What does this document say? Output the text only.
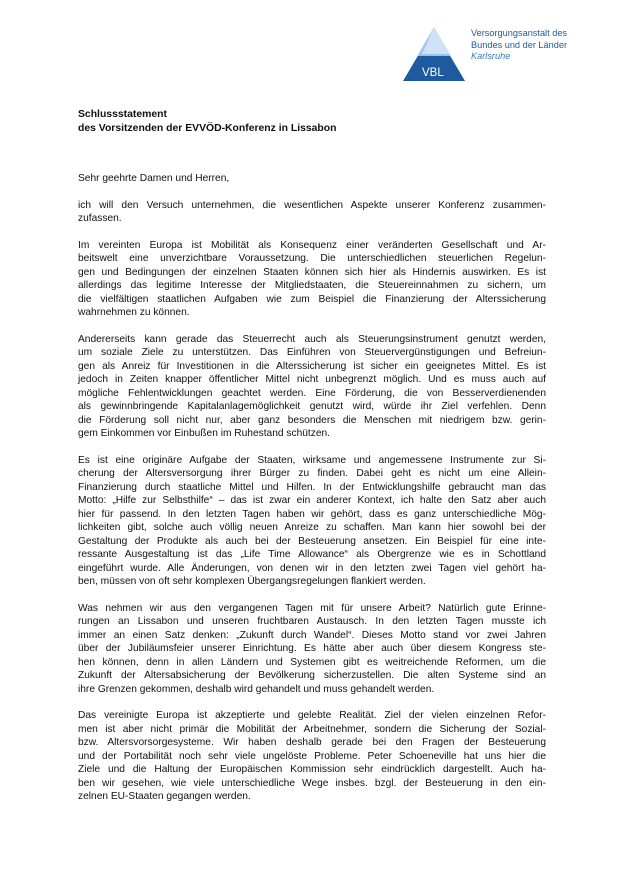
VBL
Versorgungsanstalt des
Bundes und der Länder
Karlsruhe
Schlussstatement
des Vorsitzenden der EVVÖD-Konferenz in Lissabon

Sehr geehrte Damen und Herren,

ich will den Versuch unternehmen, die wesentlichen Aspekte unserer Konferenz zusammen-
zufassen.

Im vereinten Europa ist Mobilität als Konsequenz einer veränderten Gesellschaft und Ar-
beitswelt eine unverzichtbare Voraussetzung. Die unterschiedlichen steuerlichen Regelun-
gen und Bedingungen der einzelnen Staaten können sich hier als Hindernis auswirken. Es ist
allerdings das legitime Interesse der Mitgliedstaaten, die Steuereinnahmen zu sichern, um
die vielfältigen staatlichen Aufgaben wie zum Beispiel die Finanzierung der Alterssicherung
wahrnehmen zu können.

Andererseits kann gerade das Steuerrecht auch als Steuerungsinstrument genutzt werden,
um soziale Ziele zu unterstützen. Das Einführen von Steuervergünstigungen und Befreiun-
gen als Anreiz für Investitionen in die Alterssicherung ist sicher ein geeignetes Mittel. Es ist
jedoch in Zeiten knapper öffentlicher Mittel nicht unbegrenzt möglich. Und es muss auch auf
mögliche Fehlentwicklungen geachtet werden. Eine Förderung, die von Besserverdienenden
als gewinnbringende Kapitalanlagemöglichkeit genutzt wird, würde ihr Ziel verfehlen. Denn
die Förderung soll nicht nur, aber ganz besonders die Menschen mit niedrigem bzw. gerin-
gem Einkommen vor Einbußen im Ruhestand schützen.

Es ist eine originäre Aufgabe der Staaten, wirksame und angemessene Instrumente zur Si-
cherung der Altersversorgung ihrer Bürger zu finden. Dabei geht es nicht um eine Allein-
Finanzierung durch staatliche Mittel und Hilfen. In der Entwicklungshilfe gebraucht man das
Motto: „Hilfe zur Selbsthilfe“ – das ist zwar ein anderer Kontext, ich halte den Satz aber auch
hier für passend. In den letzten Tagen haben wir gehört, dass es ganz unterschiedliche Mög-
lichkeiten gibt, solche auch völlig neuen Anreize zu schaffen. Man kann hier sowohl bei der
Gestaltung der Produkte als auch bei der Besteuerung ansetzen. Ein Beispiel für eine inte-
ressante Ausgestaltung ist das „Life Time Allowance“ als Obergrenze wie es in Schottland
eingeführt wurde. Alle Änderungen, von denen wir in den letzten zwei Tagen viel gehört ha-
ben, müssen von oft sehr komplexen Übergangsregelungen flankiert werden.

Was nehmen wir aus den vergangenen Tagen mit für unsere Arbeit? Natürlich gute Erinne-
rungen an Lissabon und unseren fruchtbaren Austausch. In den letzten Tagen musste ich
immer an einen Satz denken: „Zukunft durch Wandel“. Dieses Motto stand vor zwei Jahren
über der Jubiläumsfeier unserer Einrichtung. Es hätte aber auch über diesem Kongress ste-
hen können, denn in allen Ländern und Systemen gibt es weitreichende Reformen, um die
Zukunft der Altersabsicherung der Bevölkerung sicherzustellen. Die alten Systeme sind an
ihre Grenzen gekommen, deshalb wird gehandelt und muss gehandelt werden.

Das vereinigte Europa ist akzeptierte und gelebte Realität. Ziel der vielen einzelnen Refor-
men ist aber nicht primär die Mobilität der Arbeitnehmer, sondern die Sicherung der Sozial-
bzw. Altersvorsorgesysteme. Wir haben deshalb gerade bei den Fragen der Besteuerung
und der Portabilität noch sehr viele ungelöste Probleme. Peter Schoeneville hat uns hier die
Ziele und die Haltung der Europäischen Kommission sehr eindrücklich dargestellt. Auch ha-
ben wir gesehen, wie viele unterschiedliche Wege insbes. bzgl. der Besteuerung in den ein-
zelnen EU-Staaten gegangen werden.
